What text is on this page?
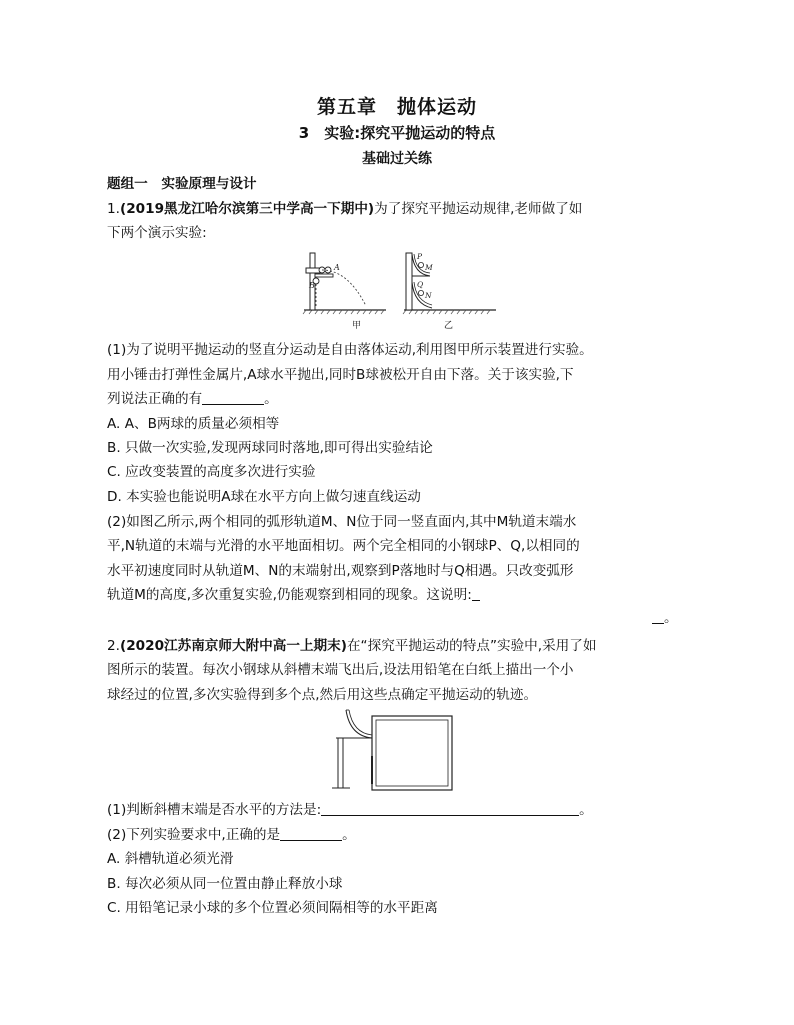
第五章　抛体运动
3　实验:探究平抛运动的特点
基础过关练
题组一　实验原理与设计
1.(2019黑龙江哈尔滨第三中学高一下期中)为了探究平抛运动规律,老师做了如
下两个演示实验:
A
B
P
M
Q
N
甲	乙
(1)为了说明平抛运动的竖直分运动是自由落体运动,利用图甲所示装置进行实验。
用小锤击打弹性金属片,A球水平抛出,同时B球被松开自由下落。关于该实验,下
列说法正确的有	。
A. A、B两球的质量必须相等
B. 只做一次实验,发现两球同时落地,即可得出实验结论
C. 应改变装置的高度多次进行实验
D. 本实验也能说明A球在水平方向上做匀速直线运动
(2)如图乙所示,两个相同的弧形轨道M、N位于同一竖直面内,其中M轨道末端水
平,N轨道的末端与光滑的水平地面相切。两个完全相同的小钢球P、Q,以相同的
水平初速度同时从轨道M、N的末端射出,观察到P落地时与Q相遇。只改变弧形
轨道M的高度,多次重复实验,仍能观察到相同的现象。这说明:
。
2.(2020江苏南京师大附中高一上期末)在“探究平抛运动的特点”实验中,采用了如
图所示的装置。每次小钢球从斜槽末端飞出后,设法用铅笔在白纸上描出一个小
球经过的位置,多次实验得到多个点,然后用这些点确定平抛运动的轨迹。
(1)判断斜槽末端是否水平的方法是:	。
(2)下列实验要求中,正确的是	。
A. 斜槽轨道必须光滑
B. 每次必须从同一位置由静止释放小球
C. 用铅笔记录小球的多个位置必须间隔相等的水平距离
